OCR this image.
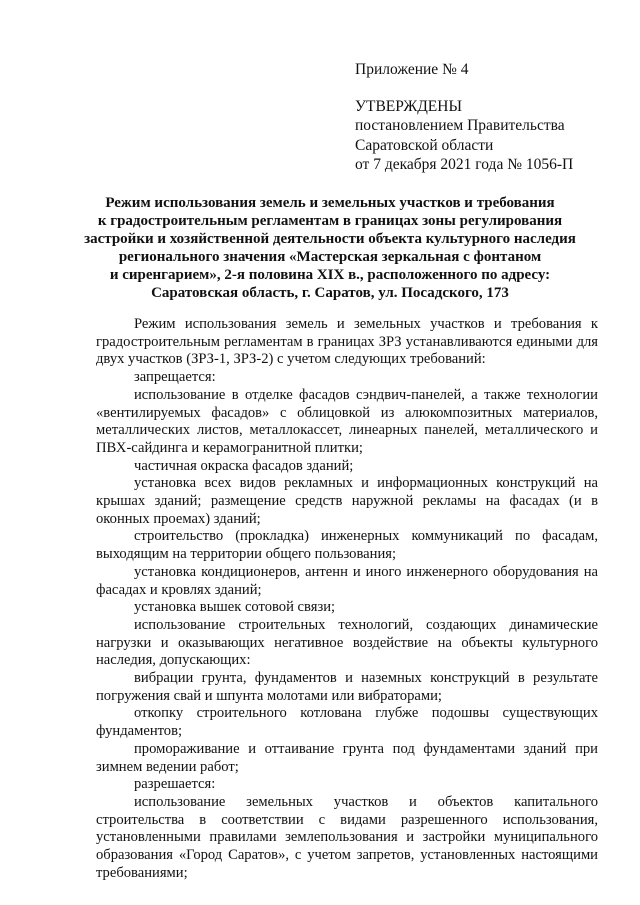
Приложение № 4
УТВЕРЖДЕНЫ
постановлением Правительства
Саратовской области
от 7 декабря 2021 года № 1056-П
Режим использования земель и земельных участков и требования
к градостроительным регламентам в границах зоны регулирования
застройки и хозяйственной деятельности объекта культурного наследия
регионального значения «Мастерская зеркальная с фонтаном
и сиренгарием», 2-я половина XIX в., расположенного по адресу:
Саратовская область, г. Саратов, ул. Посадского, 173

Режим использования земель и земельных участков и требования к градостроительным регламентам в границах ЗРЗ устанавливаются едиными для двух участков (ЗРЗ-1, ЗРЗ-2) с учетом следующих требований:

запрещается:

использование в отделке фасадов сэндвич-панелей, а также технологии «вентилируемых фасадов» с облицовкой из алюкомпозитных материалов, металлических листов, металлокассет, линеарных панелей, металлического и ПВХ-сайдинга и керамогранитной плитки;

частичная окраска фасадов зданий;

установка всех видов рекламных и информационных конструкций на крышах зданий; размещение средств наружной рекламы на фасадах (и в оконных проемах) зданий;

строительство (прокладка) инженерных коммуникаций по фасадам, выходящим на территории общего пользования;

установка кондиционеров, антенн и иного инженерного оборудования на фасадах и кровлях зданий;

установка вышек сотовой связи;

использование строительных технологий, создающих динамические нагрузки и оказывающих негативное воздействие на объекты культурного наследия, допускающих:

вибрации грунта, фундаментов и наземных конструкций в результате погружения свай и шпунта молотами или вибраторами;

откопку строительного котлована глубже подошвы существующих фундаментов;

промораживание и оттаивание грунта под фундаментами зданий при зимнем ведении работ;

разрешается:

использование земельных участков и объектов капитального строительства в соответствии с видами разрешенного использования, установленными правилами землепользования и застройки муниципального образования «Город Саратов», с учетом запретов, установленных настоящими требованиями;
